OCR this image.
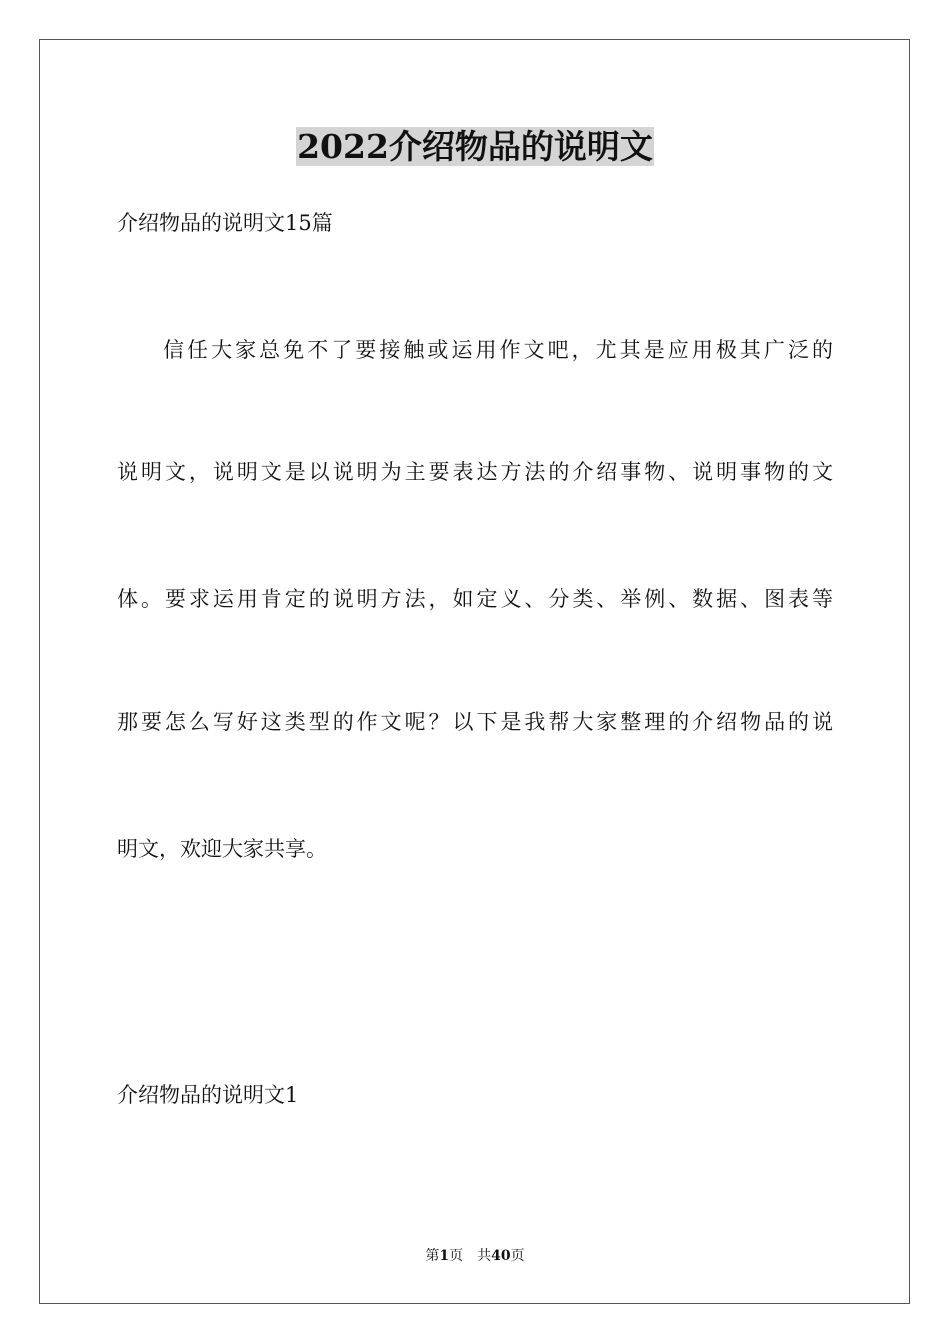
2022介绍物品的说明文
介绍物品的说明文15篇
信任大家总免不了要接触或运用作文吧，尤其是应用极其广泛的
说明文，说明文是以说明为主要表达方法的介绍事物、说明事物的文
体。要求运用肯定的说明方法，如定义、分类、举例、数据、图表等
那要怎么写好这类型的作文呢？以下是我帮大家整理的介绍物品的说
明文，欢迎大家共享。
介绍物品的说明文1
第1页　共40页
